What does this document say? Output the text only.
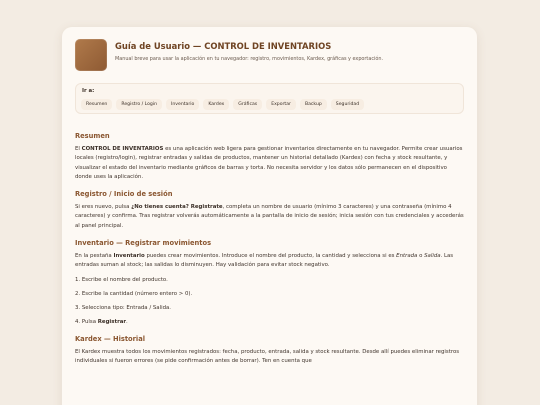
Guía de Usuario — CONTROL DE INVENTARIOS
Manual breve para usar la aplicación en tu navegador: registro, movimientos, Kardex, gráficas y exportación.
Ir a:
Resumen	Registro / Login	Inventario	Kardex	Gráficas	Exportar	Backup	Seguridad
Resumen

El CONTROL DE INVENTARIOS es una aplicación web ligera para gestionar inventarios directamente en tu navegador. Permite crear usuarios locales (registro/login), registrar entradas y salidas de productos, mantener un historial detallado (Kardex) con fecha y stock resultante, y visualizar el estado del inventario mediante gráficos de barras y torta. No necesita servidor y los datos sólo permanecen en el dispositivo donde uses la aplicación.

Registro / Inicio de sesión

Si eres nuevo, pulsa ¿No tienes cuenta? Registrate, completa un nombre de usuario (mínimo 3 caracteres) y una contraseña (mínimo 4 caracteres) y confirma. Tras registrar volverás automáticamente a la pantalla de inicio de sesión; inicia sesión con tus credenciales y accederás al panel principal.

Inventario — Registrar movimientos

En la pestaña Inventario puedes crear movimientos. Introduce el nombre del producto, la cantidad y selecciona si es Entrada o Salida. Las entradas suman al stock; las salidas lo disminuyen. Hay validación para evitar stock negativo.

1. Escribe el nombre del producto.
2. Escribe la cantidad (número entero > 0).
3. Selecciona tipo: Entrada / Salida.
4. Pulsa Registrar.
Kardex — Historial

El Kardex muestra todos los movimientos registrados: fecha, producto, entrada, salida y stock resultante. Desde allí puedes eliminar registros individuales si fueron errores (se pide confirmación antes de borrar). Ten en cuenta que
